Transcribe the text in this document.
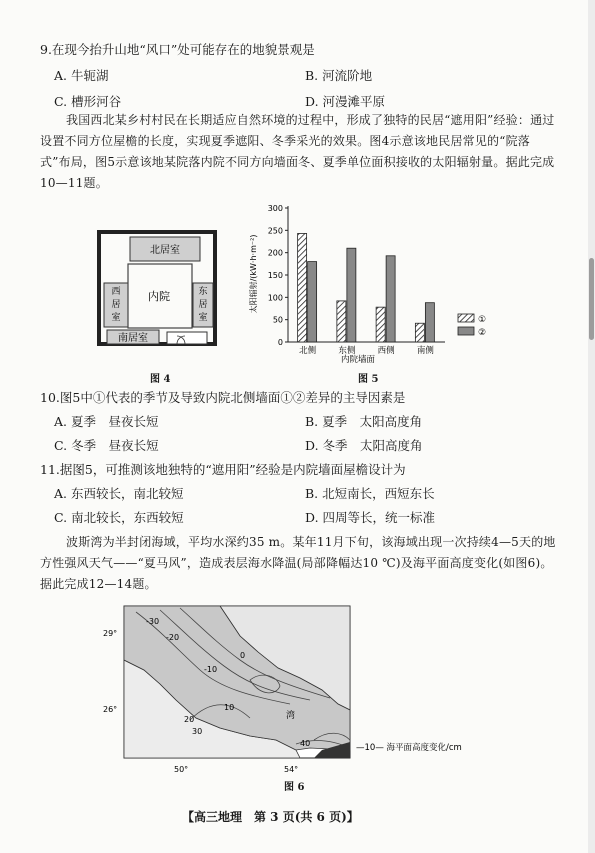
9.在现今抬升山地“风口”处可能存在的地貌景观是
A. 牛轭湖	B. 河流阶地
C. 槽形河谷	D. 河漫滩平原
我国西北某乡村村民在长期适应自然环境的过程中，形成了独特的民居“遮用阳”经验：通过设置不同方位屋檐的长度，实现夏季遮阳、冬季采光的效果。图4示意该地民居常见的“院落式”布局，图5示意该地某院落内院不同方向墙面冬、夏季单位面积接收的太阳辐射量。据此完成10—11题。
北居室
西
居
室
东
居
室
南居室
内院
图 4
太阳辐射/(kW·h·m⁻²)
0
50
100
150
200
250
300
北侧	东侧	西侧	南侧
内院墙面
①
②
图 5
10.图5中①代表的季节及导致内院北侧墙面①②差异的主导因素是
A. 夏季　昼夜长短	B. 夏季　太阳高度角
C. 冬季　昼夜长短	D. 冬季　太阳高度角
11.据图5，可推测该地独特的“遮用阳”经验是内院墙面屋檐设计为
A. 东西较长，南北较短	B. 北短南长，西短东长
C. 南北较长，东西较短	D. 四周等长，统一标准
波斯湾为半封闭海域，平均水深约35 m。某年11月下旬，该海域出现一次持续4—5天的地方性强风天气——“夏马风”，造成表层海水降温(局部降幅达10 ℃)及海平面高度变化(如图6)。据此完成12—14题。
-30
-20
-10
0
10
20
30
40
湾
29°
26°
50°	54°
—10— 海平面高度变化/cm
图 6
【高三地理　第 3 页(共 6 页)】
